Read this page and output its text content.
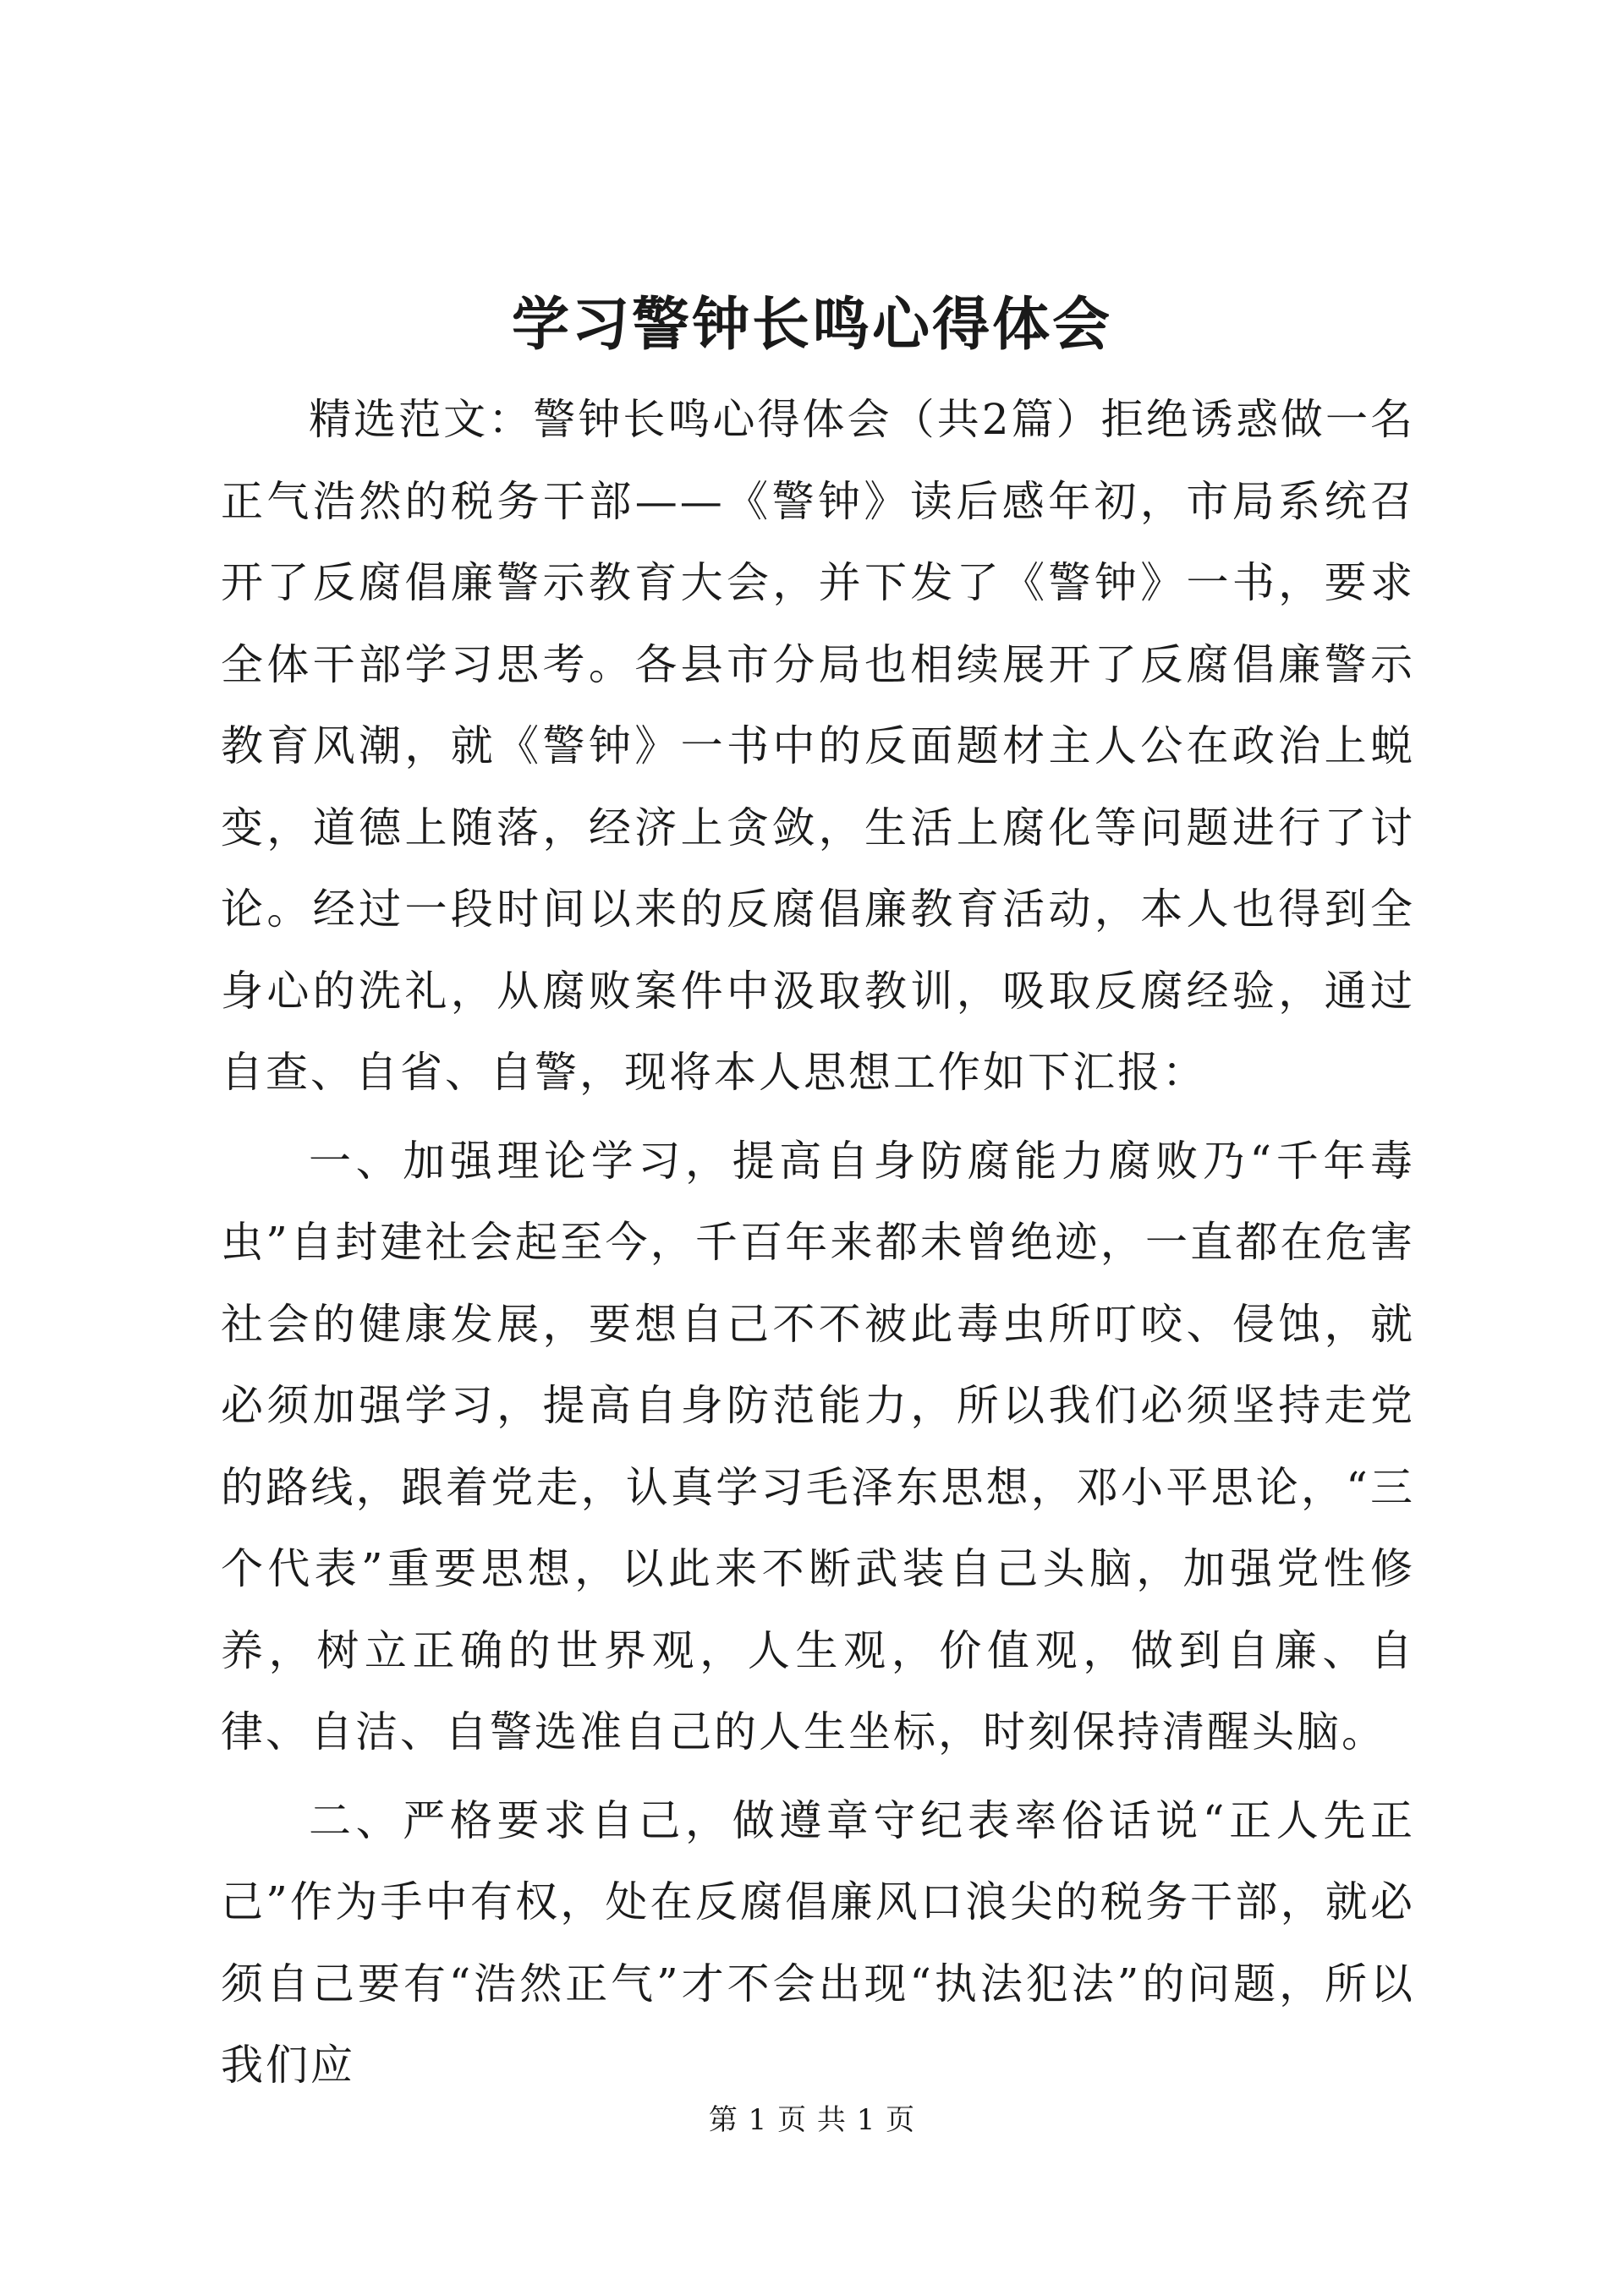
学习警钟长鸣心得体会

精选范文：警钟长鸣心得体会（共2篇）拒绝诱惑做一名正气浩然的税务干部——《警钟》读后感年初，市局系统召开了反腐倡廉警示教育大会，并下发了《警钟》一书，要求全体干部学习思考。各县市分局也相续展开了反腐倡廉警示教育风潮，就《警钟》一书中的反面题材主人公在政治上蜕变，道德上随落，经济上贪敛，生活上腐化等问题进行了讨论。经过一段时间以来的反腐倡廉教育活动，本人也得到全身心的洗礼，从腐败案件中汲取教训，吸取反腐经验，通过自查、自省、自警，现将本人思想工作如下汇报：

一、加强理论学习，提高自身防腐能力腐败乃“千年毒虫”自封建社会起至今，千百年来都未曾绝迹，一直都在危害社会的健康发展，要想自己不不被此毒虫所叮咬、侵蚀，就必须加强学习，提高自身防范能力，所以我们必须坚持走党的路线，跟着党走，认真学习毛泽东思想，邓小平思论，“三个代表”重要思想，以此来不断武装自己头脑，加强党性修养，树立正确的世界观，人生观，价值观，做到自廉、自律、自洁、自警选准自己的人生坐标，时刻保持清醒头脑。

二、严格要求自己，做遵章守纪表率俗话说“正人先正己”作为手中有权，处在反腐倡廉风口浪尖的税务干部，就必须自己要有“浩然正气”才不会出现“执法犯法”的问题，所以我们应

第 1 页 共 1 页
